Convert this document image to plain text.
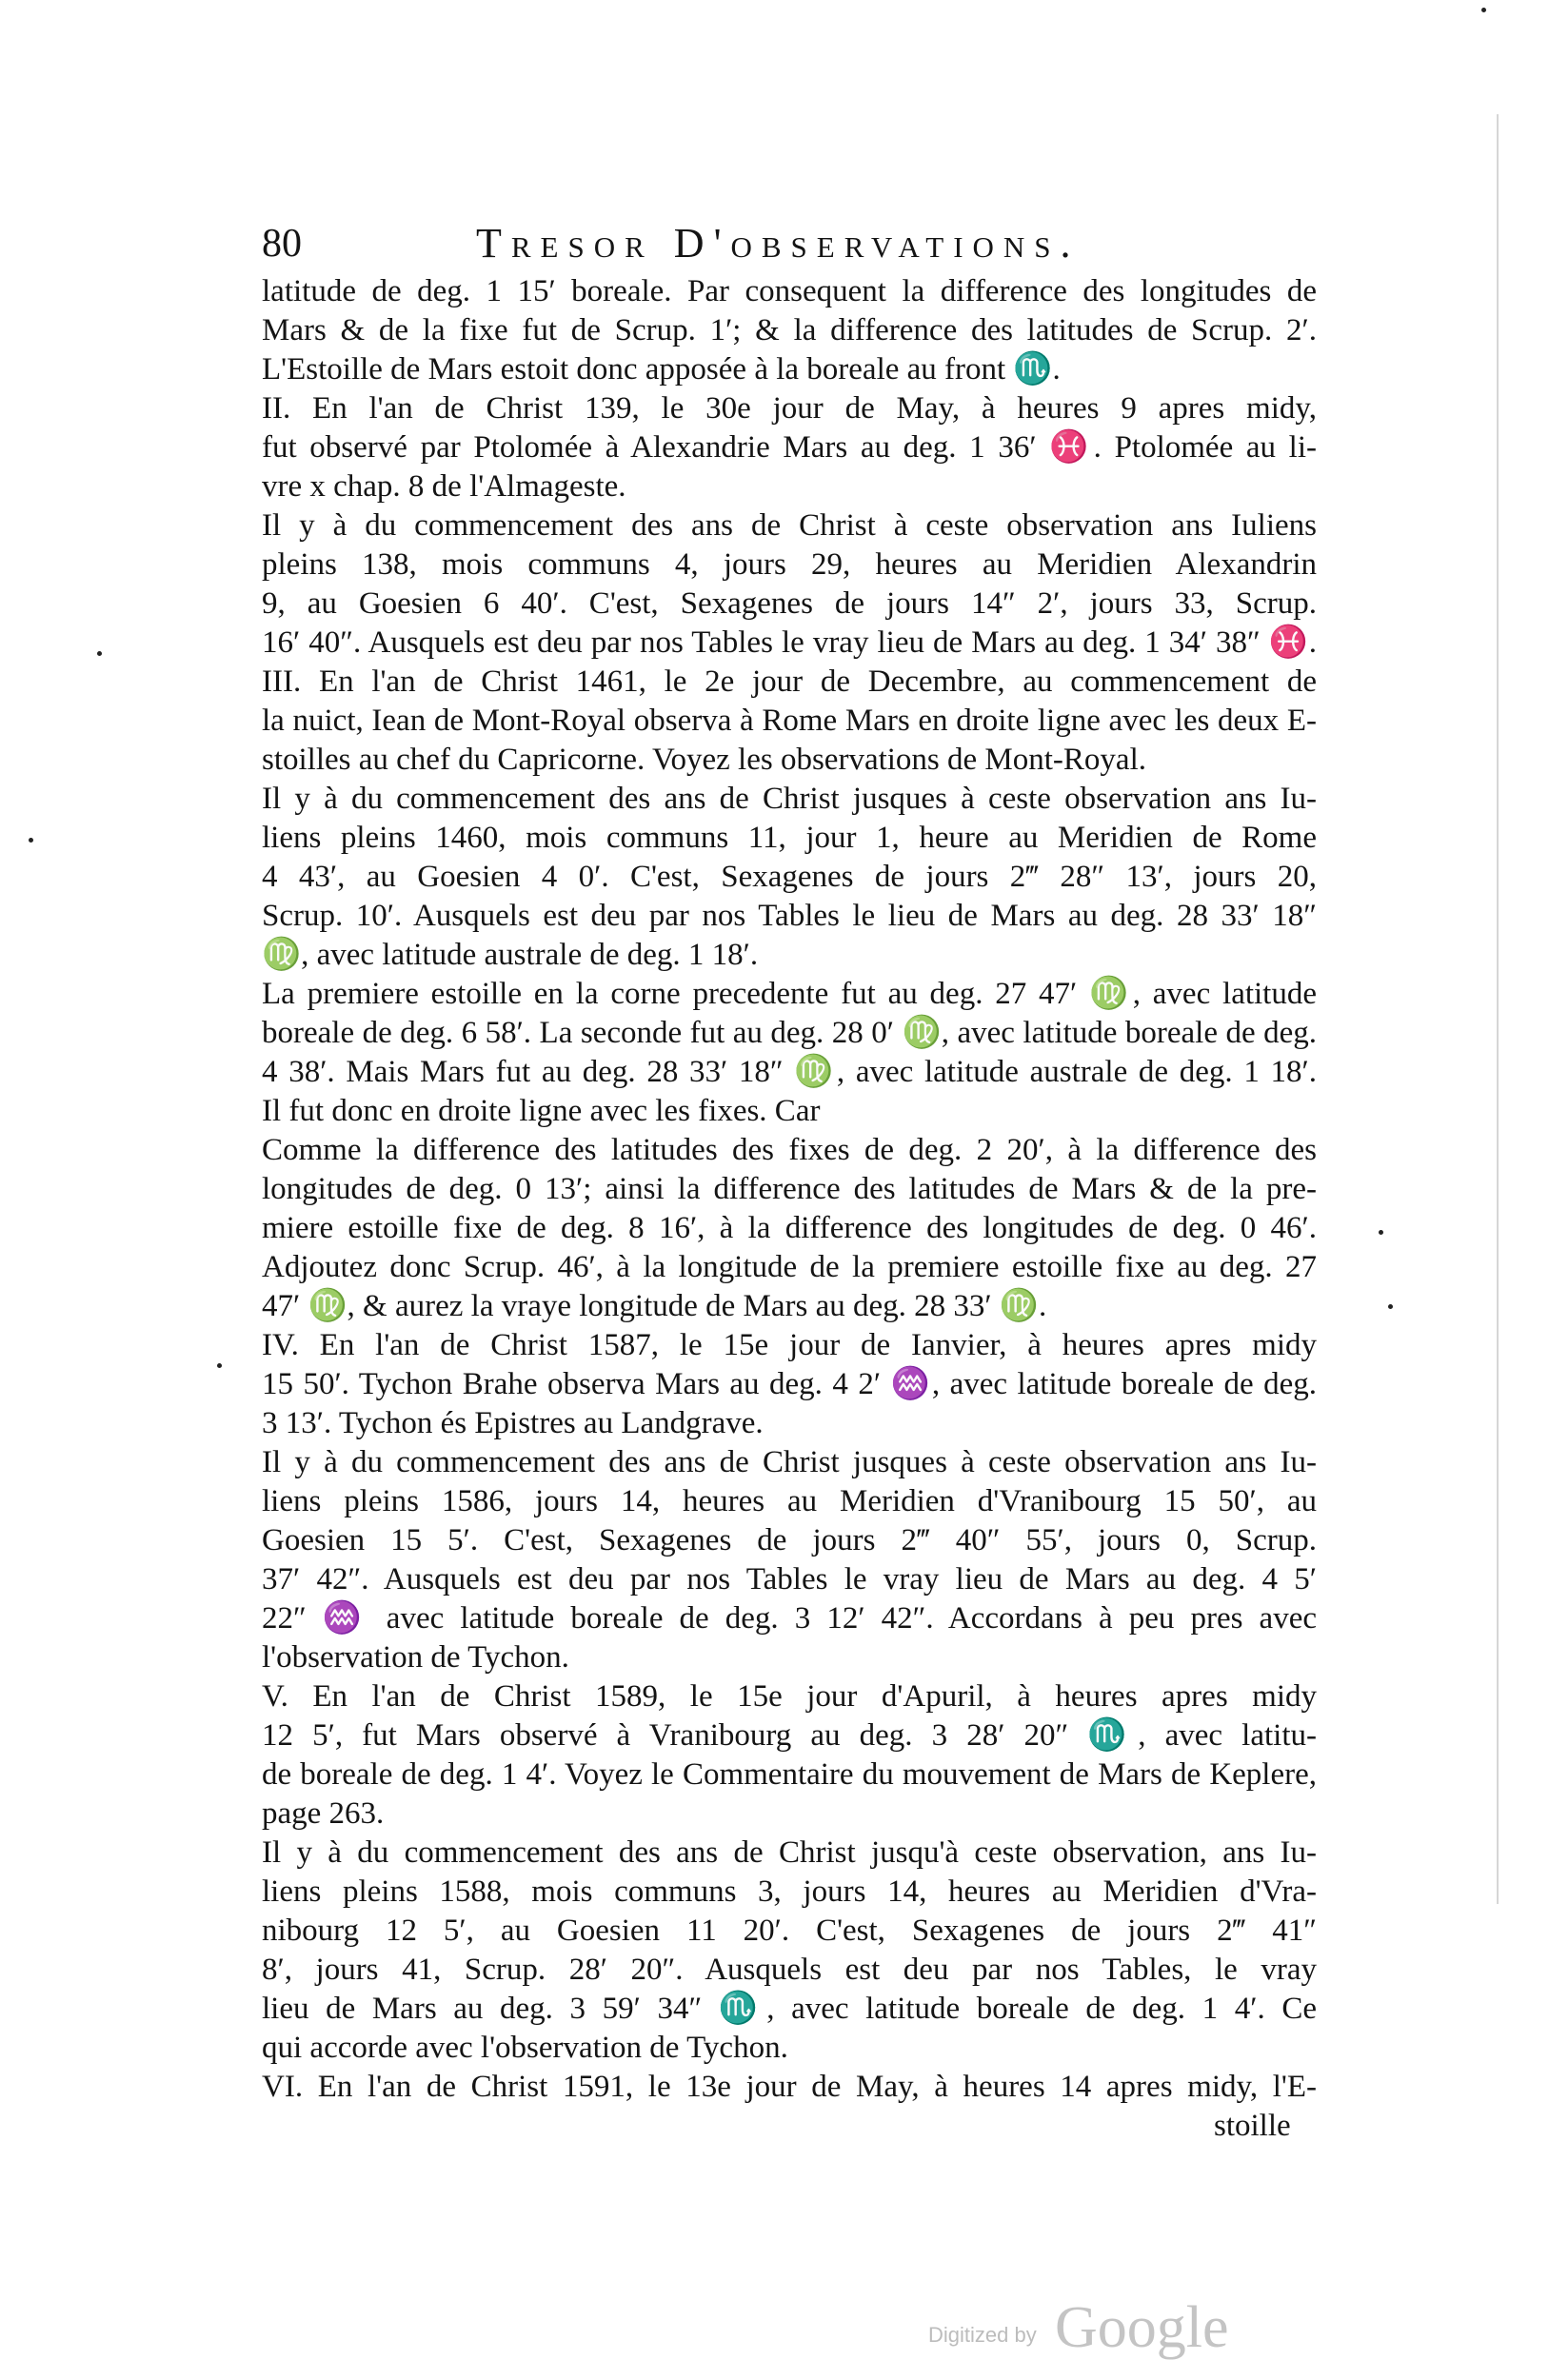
80	Tresor D'observations.
latitude de deg. 1 15′ boreale. Par consequent la difference des longitudes de
Mars & de la fixe fut de Scrup. 1′; & la difference des latitudes de Scrup. 2′.
L'Estoille de Mars estoit donc apposée à la boreale au front ♏.
II. En l'an de Christ 139, le 30e jour de May, à heures 9 apres midy,
fut observé par Ptolomée à Alexandrie Mars au deg. 1 36′ ♓. Ptolomée au li-
vre x chap. 8 de l'Almageste.
Il y à du commencement des ans de Christ à ceste observation ans Iuliens
pleins 138, mois communs 4, jours 29, heures au Meridien Alexandrin
9, au Goesien 6 40′. C'est, Sexagenes de jours 14″ 2′, jours 33, Scrup.
16′ 40″. Ausquels est deu par nos Tables le vray lieu de Mars au deg. 1 34′ 38″ ♓.
III. En l'an de Christ 1461, le 2e jour de Decembre, au commencement de
la nuict, Iean de Mont-Royal observa à Rome Mars en droite ligne avec les deux E-
stoilles au chef du Capricorne. Voyez les observations de Mont-Royal.
Il y à du commencement des ans de Christ jusques à ceste observation ans Iu-
liens pleins 1460, mois communs 11, jour 1, heure au Meridien de Rome
4 43′, au Goesien 4 0′. C'est, Sexagenes de jours 2‴ 28″ 13′, jours 20,
Scrup. 10′. Ausquels est deu par nos Tables le lieu de Mars au deg. 28 33′ 18″
♍, avec latitude australe de deg. 1 18′.
La premiere estoille en la corne precedente fut au deg. 27 47′ ♍, avec latitude
boreale de deg. 6 58′. La seconde fut au deg. 28 0′ ♍, avec latitude boreale de deg.
4 38′. Mais Mars fut au deg. 28 33′ 18″ ♍, avec latitude australe de deg. 1 18′.
Il fut donc en droite ligne avec les fixes. Car
Comme la difference des latitudes des fixes de deg. 2 20′, à la difference des
longitudes de deg. 0 13′; ainsi la difference des latitudes de Mars & de la pre-
miere estoille fixe de deg. 8 16′, à la difference des longitudes de deg. 0 46′.
Adjoutez donc Scrup. 46′, à la longitude de la premiere estoille fixe au deg. 27
47′ ♍, & aurez la vraye longitude de Mars au deg. 28 33′ ♍.
IV. En l'an de Christ 1587, le 15e jour de Ianvier, à heures apres midy
15 50′. Tychon Brahe observa Mars au deg. 4 2′ ♒, avec latitude boreale de deg.
3 13′. Tychon és Epistres au Landgrave.
Il y à du commencement des ans de Christ jusques à ceste observation ans Iu-
liens pleins 1586, jours 14, heures au Meridien d'Vranibourg 15 50′, au
Goesien 15 5′. C'est, Sexagenes de jours 2‴ 40″ 55′, jours 0, Scrup.
37′ 42″. Ausquels est deu par nos Tables le vray lieu de Mars au deg. 4 5′
22″ ♒ avec latitude boreale de deg. 3 12′ 42″. Accordans à peu pres avec
l'observation de Tychon.
V. En l'an de Christ 1589, le 15e jour d'Apuril, à heures apres midy
12 5′, fut Mars observé à Vranibourg au deg. 3 28′ 20″ ♏, avec latitu-
de boreale de deg. 1 4′. Voyez le Commentaire du mouvement de Mars de Keplere,
page 263.
Il y à du commencement des ans de Christ jusqu'à ceste observation, ans Iu-
liens pleins 1588, mois communs 3, jours 14, heures au Meridien d'Vra-
nibourg 12 5′, au Goesien 11 20′. C'est, Sexagenes de jours 2‴ 41″
8′, jours 41, Scrup. 28′ 20″. Ausquels est deu par nos Tables, le vray
lieu de Mars au deg. 3 59′ 34″ ♏, avec latitude boreale de deg. 1 4′. Ce
qui accorde avec l'observation de Tychon.
VI. En l'an de Christ 1591, le 13e jour de May, à heures 14 apres midy, l'E-
stoille
Digitized by Google
